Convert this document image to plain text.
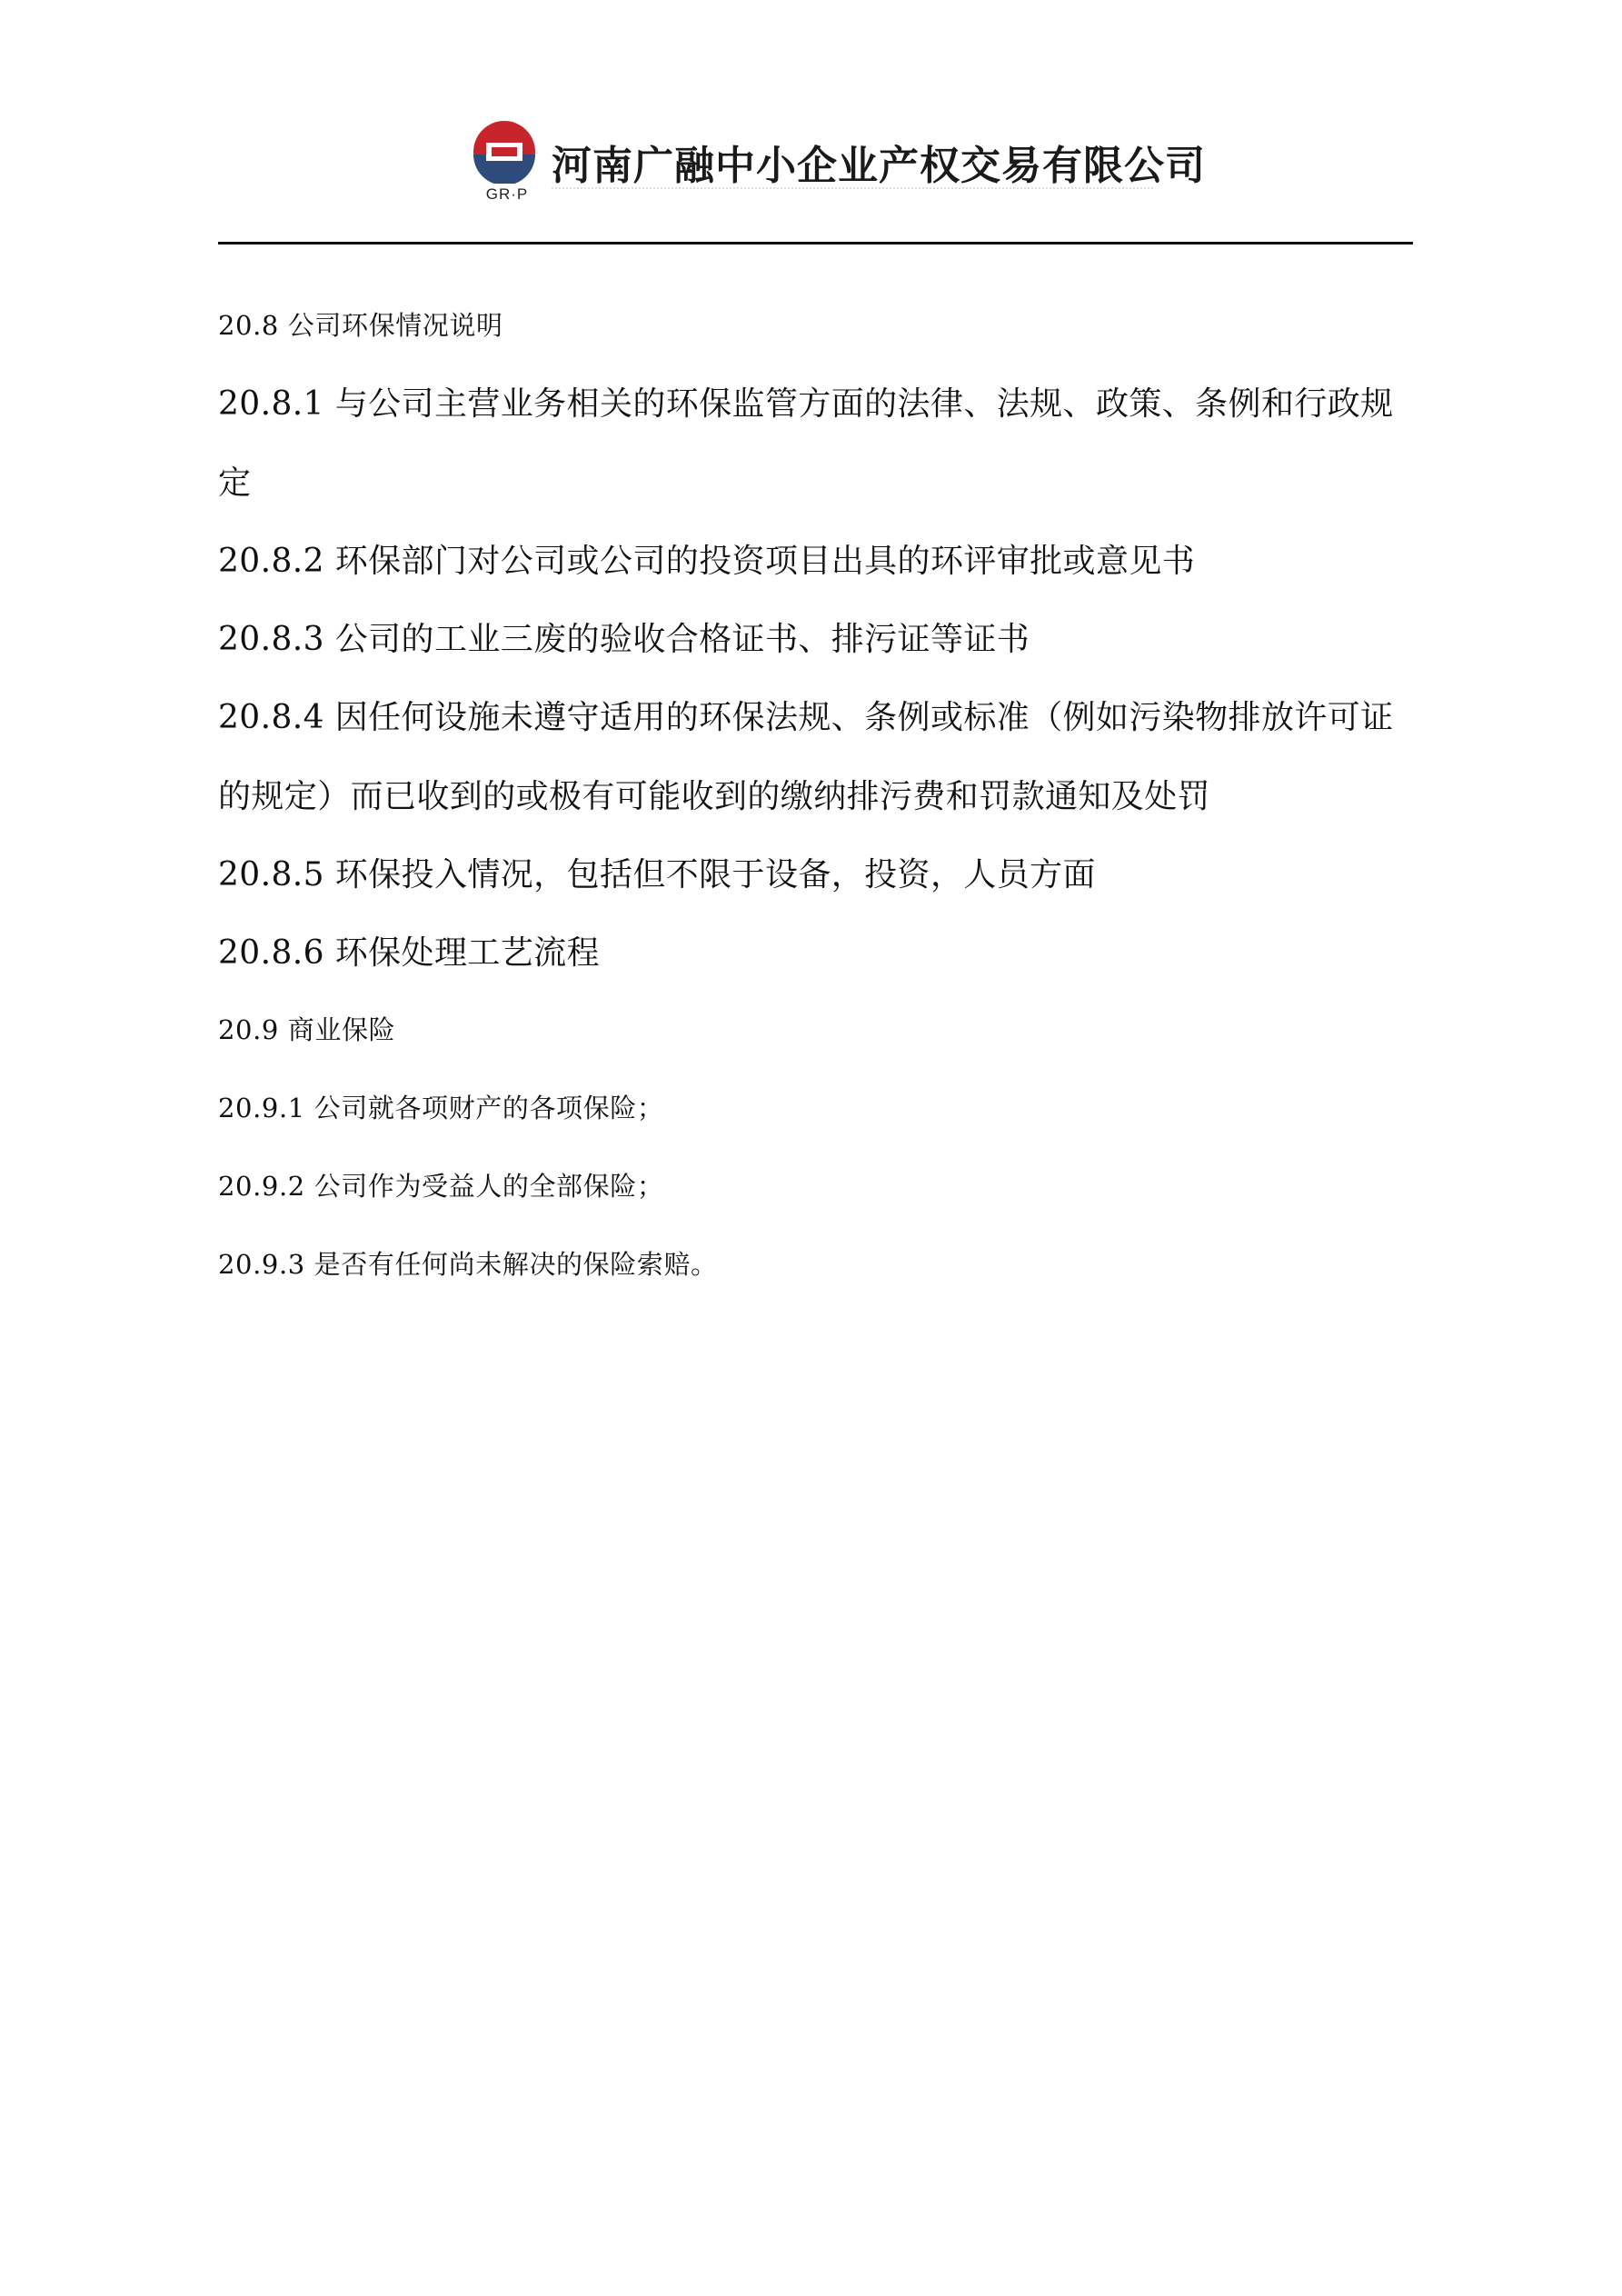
GR·P
河南广融中小企业产权交易有限公司
20.8 公司环保情况说明
20.8.1 与公司主营业务相关的环保监管方面的法律、法规、政策、条例和行政规
定
20.8.2 环保部门对公司或公司的投资项目出具的环评审批或意见书
20.8.3 公司的工业三废的验收合格证书、排污证等证书
20.8.4 因任何设施未遵守适用的环保法规、条例或标准（例如污染物排放许可证
的规定）而已收到的或极有可能收到的缴纳排污费和罚款通知及处罚
20.8.5 环保投入情况，包括但不限于设备，投资，人员方面
20.8.6 环保处理工艺流程
20.9 商业保险
20.9.1 公司就各项财产的各项保险；
20.9.2 公司作为受益人的全部保险；
20.9.3 是否有任何尚未解决的保险索赔。
